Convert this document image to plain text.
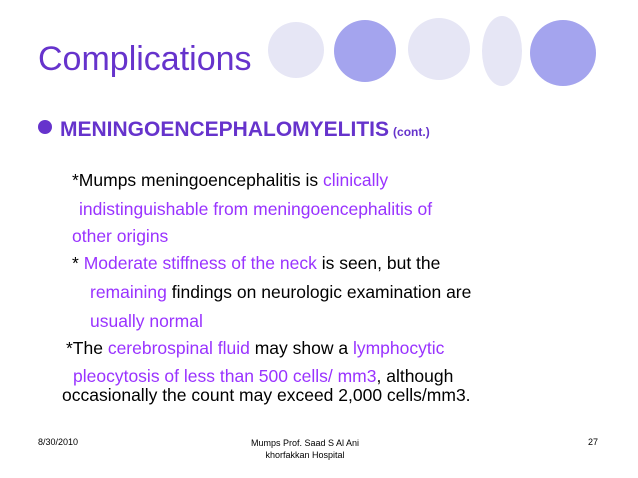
Complications
MENINGOENCEPHALOMYELITIS (cont.)
*Mumps meningoencephalitis is clinically
indistinguishable from meningoencephalitis of
other origins
* Moderate stiffness of the neck is seen, but the
remaining findings on neurologic examination are
usually normal
*The cerebrospinal fluid may show a lymphocytic
pleocytosis of less than 500 cells/ mm3, although
occasionally the count may exceed 2,000 cells/mm3.
8/30/2010	Mumps Prof. Saad S Al Ani
khorfakkan Hospital
27
